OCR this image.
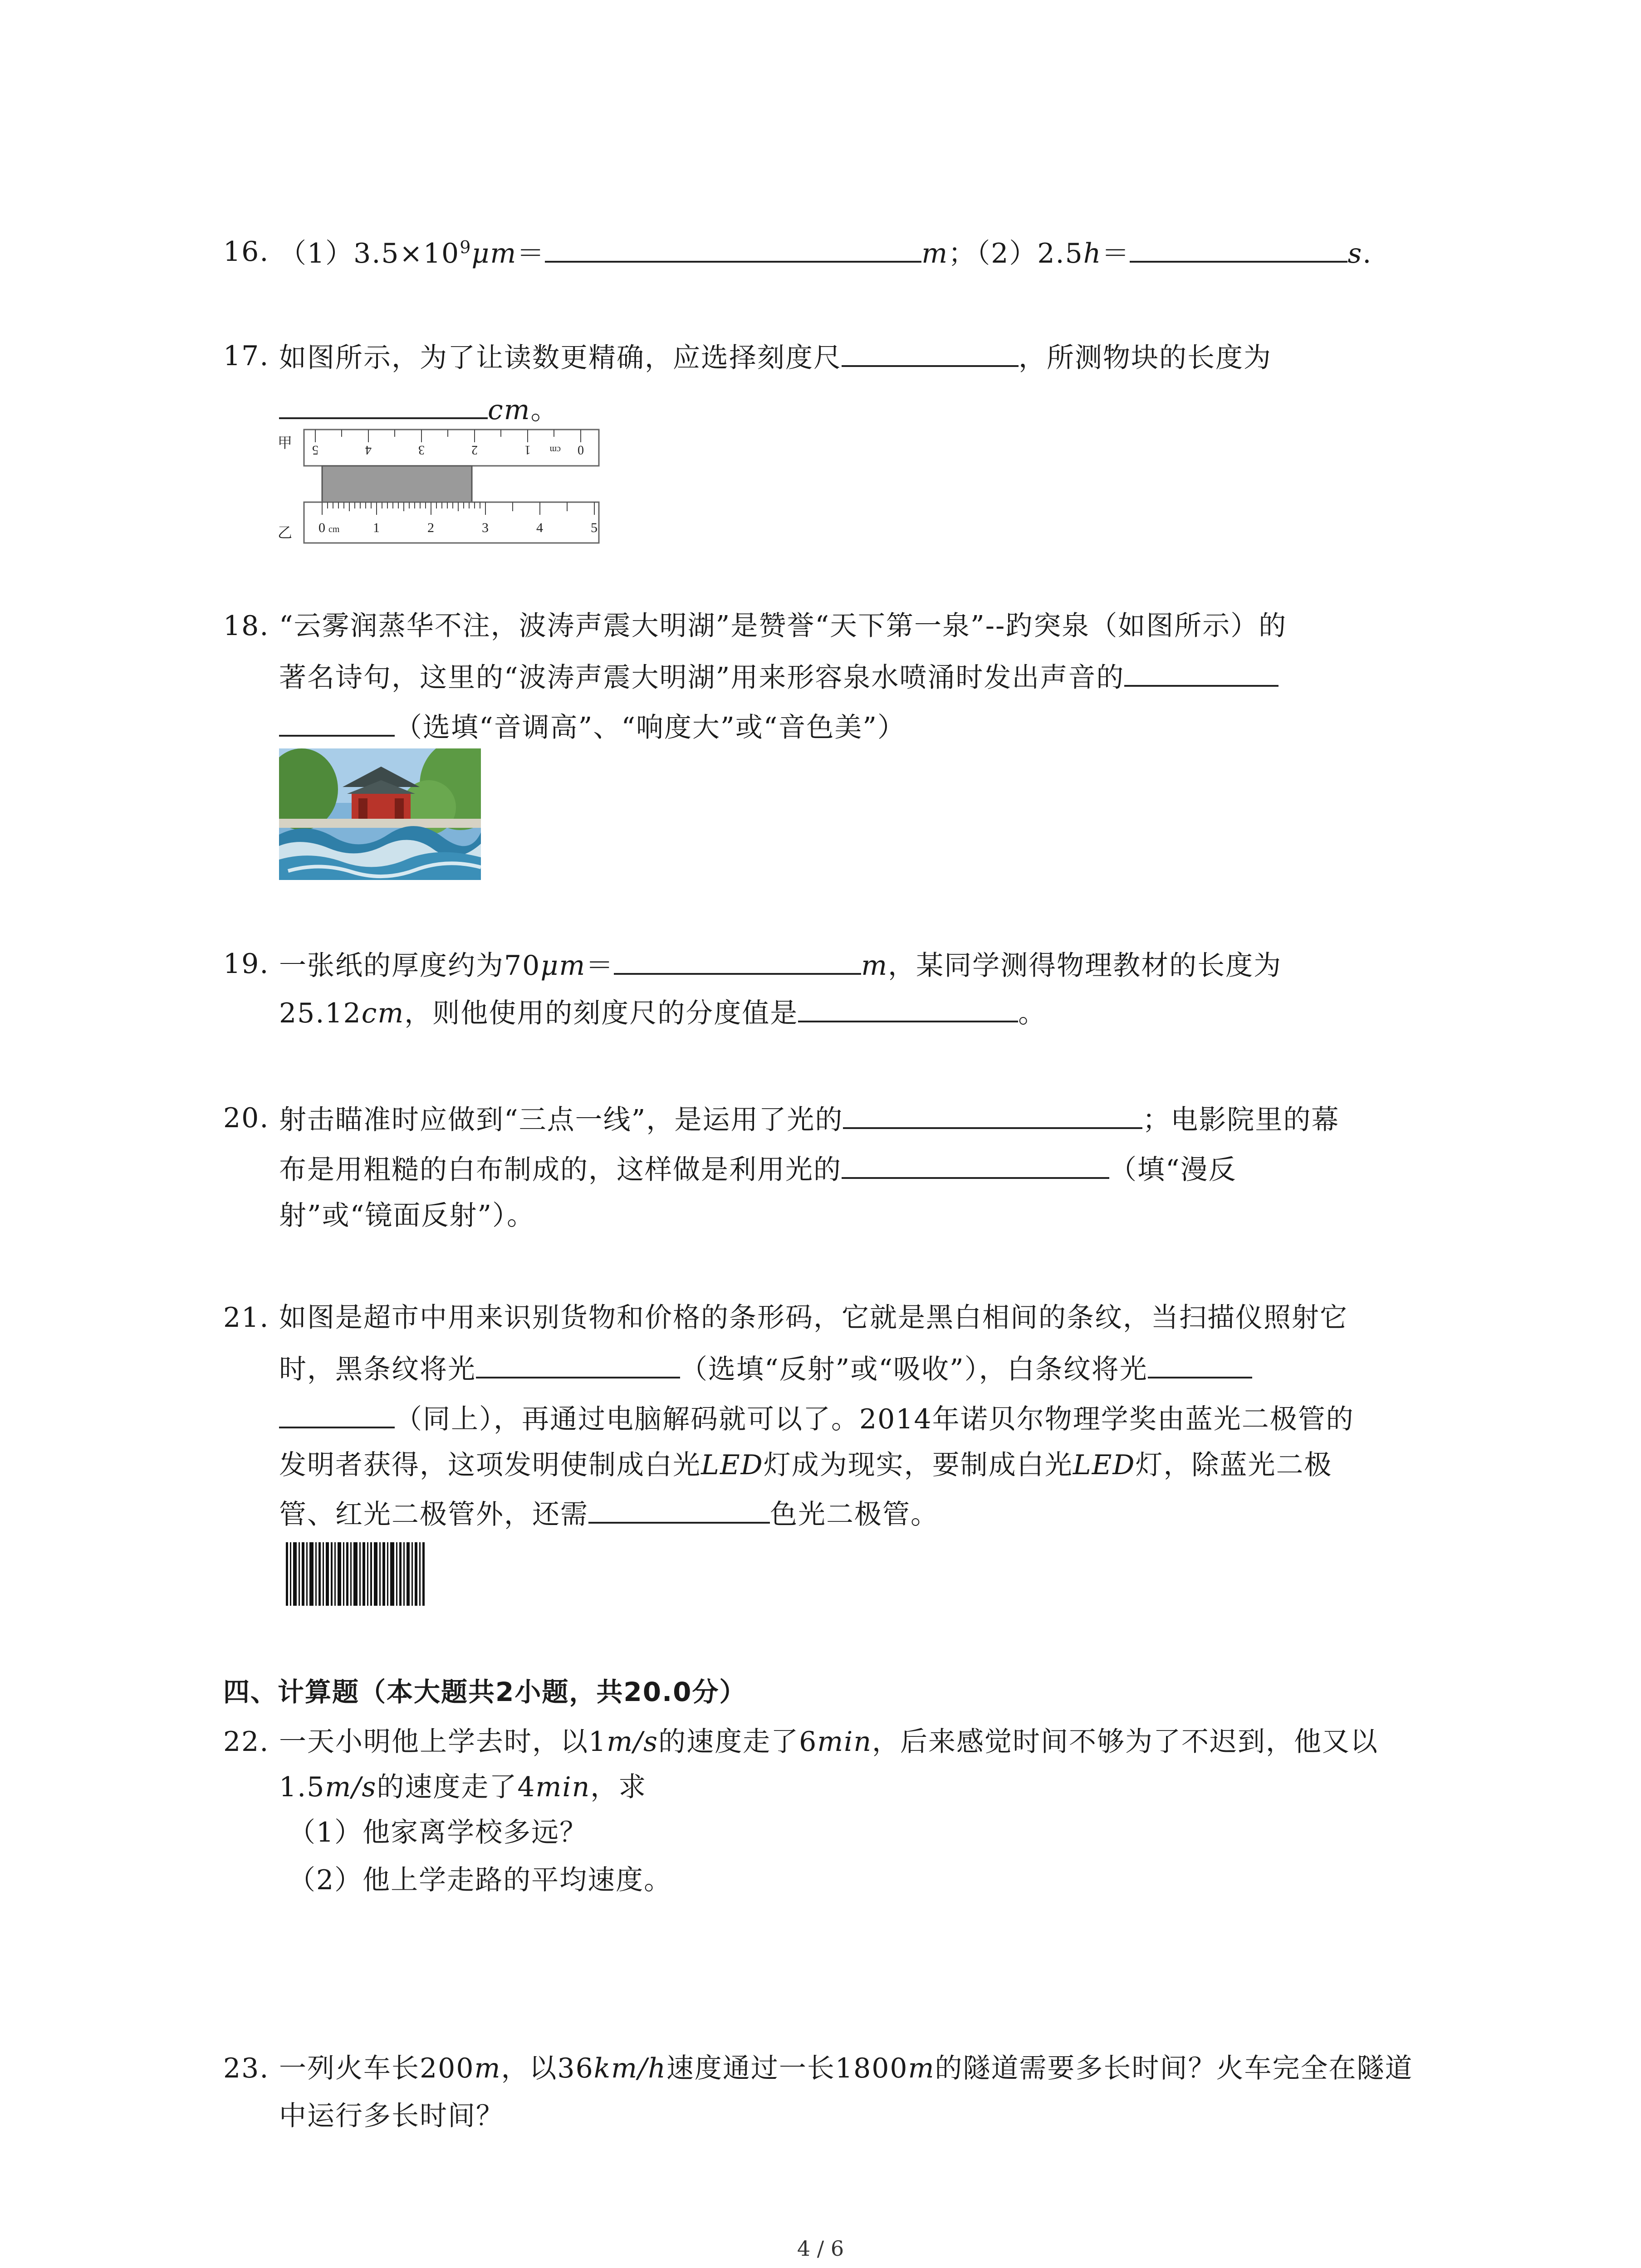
16. $(1)3.5\times 10^9\mu m=$	m；（2）2.5h＝	s.
17. 如图所示，为了让读数更精确，应选择刻度尺	，所测物块的长度为
cm。
甲
乙
5	4	3	2	1	0
cm
0 cm 1	2	3	4	5
18. “云雾润蒸华不注，波涛声震大明湖”是赞誉“天下第一泉”--趵突泉（如图所示）的
著名诗句，这里的“波涛声震大明湖”用来形容泉水喷涌时发出声音的
（选填“音调高”、“响度大”或“音色美”）
19. 一张纸的厚度约为70μm＝	m，某同学测得物理教材的长度为
25.12cm，则他使用的刻度尺的分度值是	。
20. 射击瞄准时应做到“三点一线”，是运用了光的	；电影院里的幕
布是用粗糙的白布制成的，这样做是利用光的	（填“漫反
射”或“镜面反射”）。
21. 如图是超市中用来识别货物和价格的条形码，它就是黑白相间的条纹，当扫描仪照射它
时，黑条纹将光	（选填“反射”或“吸收”），白条纹将光
（同上），再通过电脑解码就可以了。2014年诺贝尔物理学奖由蓝光二极管的
发明者获得，这项发明使制成白光LED灯成为现实，要制成白光LED灯，除蓝光二极
管、红光二极管外，还需	色光二极管。
四、计算题（本大题共2小题，共20.0分）
22. 一天小明他上学去时，以1m/s的速度走了6min，后来感觉时间不够为了不迟到，他又以
1.5m/s的速度走了4min，求
（1）他家离学校多远？
（2）他上学走路的平均速度。
23. 一列火车长200m，以36km/h速度通过一长1800m的隧道需要多长时间？火车完全在隧道
中运行多长时间？
4 / 6
